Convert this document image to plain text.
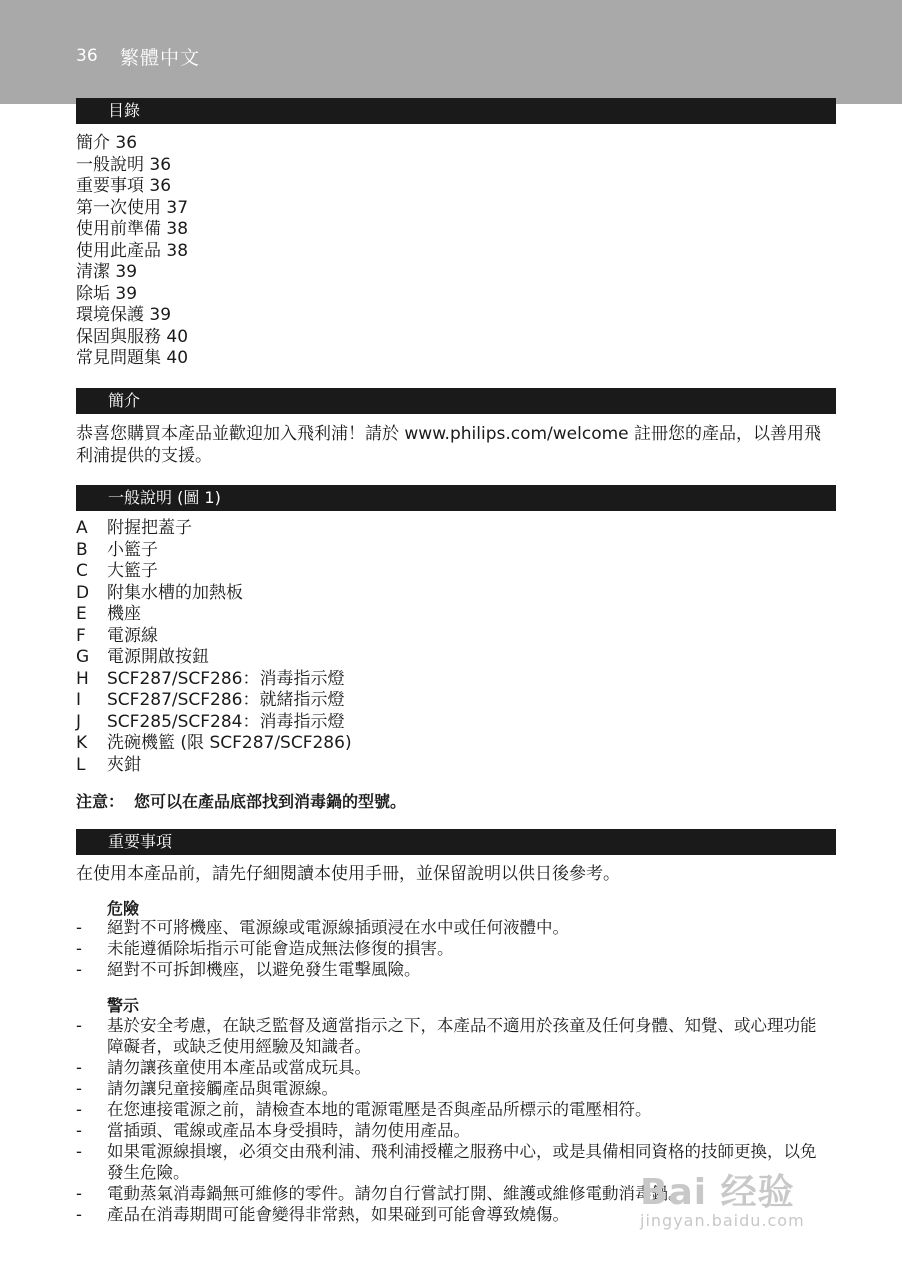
36 繁體中文
目錄
簡介 36
一般說明 36
重要事項 36
第一次使用 37
使用前準備 38
使用此產品 38
清潔 39
除垢 39
環境保護 39
保固與服務 40
常見問題集 40
簡介
恭喜您購買本產品並歡迎加入飛利浦！請於 www.philips.com/welcome 註冊您的產品，以善用飛利浦提供的支援。
一般說明 (圖 1)
A 附握把蓋子
B 小籃子
C 大籃子
D 附集水槽的加熱板
E 機座
F 電源線
G 電源開啟按鈕
H SCF287/SCF286：消毒指示燈
I SCF287/SCF286：就緒指示燈
J SCF285/SCF284：消毒指示燈
K 洗碗機籃 (限 SCF287/SCF286)
L 夾鉗
注意： 您可以在產品底部找到消毒鍋的型號。
重要事項
在使用本產品前，請先仔細閱讀本使用手冊，並保留說明以供日後參考。
危險
-	絕對不可將機座、電源線或電源線插頭浸在水中或任何液體中。
-	未能遵循除垢指示可能會造成無法修復的損害。
-	絕對不可拆卸機座，以避免發生電擊風險。
警示
-	基於安全考慮，在缺乏監督及適當指示之下，本產品不適用於孩童及任何身體、知覺、或心理功能障礙者，或缺乏使用經驗及知識者。
-	請勿讓孩童使用本產品或當成玩具。
-	請勿讓兒童接觸產品與電源線。
-	在您連接電源之前，請檢查本地的電源電壓是否與產品所標示的電壓相符。
-	當插頭、電線或產品本身受損時，請勿使用產品。
-	如果電源線損壞，必須交由飛利浦、飛利浦授權之服務中心，或是具備相同資格的技師更換，以免發生危險。
-	電動蒸氣消毒鍋無可維修的零件。請勿自行嘗試打開、維護或維修電動消毒鍋。
-	產品在消毒期間可能會變得非常熱，如果碰到可能會導致燒傷。
Bai 经验
jingyan.baidu.com
